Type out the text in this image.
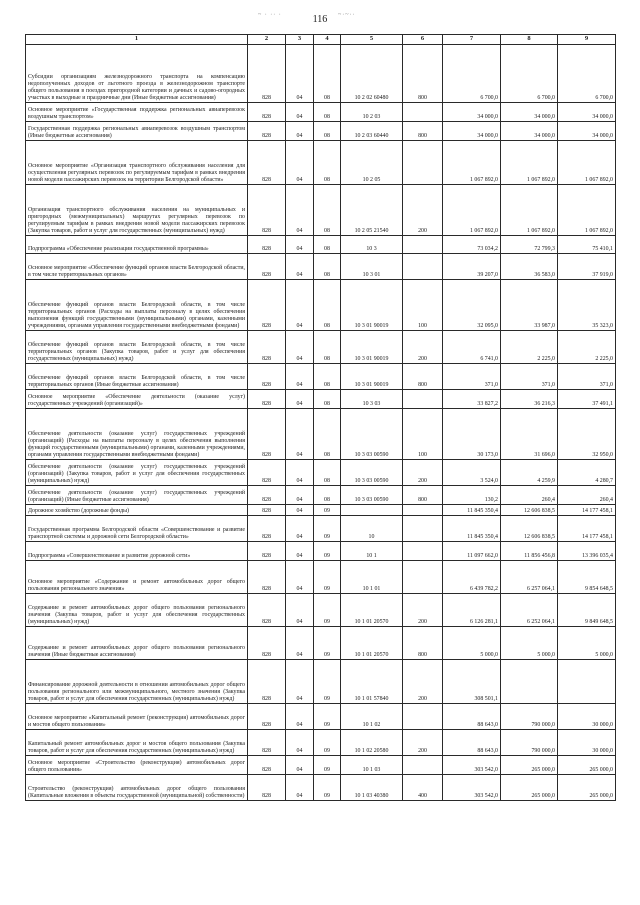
116
~ · ·· ·	~·~··
1	2	3	4	5	6	7	8	9
Субсидии организациям железнодорожного транспорта на компенсацию недополученных доходов от льготного проезда в железнодорожном транспорте общего пользования в поездах пригородной категории и дачных и садово-огородных участках в выходные и праздничные дни (Иные бюджетные ассигнования)	828	04	08	10 2 02 60480	800	6 700,0	6 700,0	6 700,0
Основное мероприятие «Государственная поддержка региональных авиаперевозок воздушным транспортом»	828	04	08	10 2 03		34 000,0	34 000,0	34 000,0
Государственная поддержка региональных авиаперевозок воздушным транспортом (Иные бюджетные ассигнования)	828	04	08	10 2 03 60440	800	34 000,0	34 000,0	34 000,0
Основное мероприятие «Организация транспортного обслуживания населения для осуществления регулярных перевозок по регулируемым тарифам в рамках внедрения новой модели пассажирских перевозок на территории Белгородской области»	828	04	08	10 2 05		1 067 892,0	1 067 892,0	1 067 892,0
Организация транспортного обслуживания населения на муниципальных и пригородных (межмуниципальных) маршрутах регулярных перевозок по регулируемым тарифам в рамках внедрения новой модели пассажирских перевозок (Закупка товаров, работ и услуг для государственных (муниципальных) нужд)	828	04	08	10 2 05 21540	200	1 067 892,0	1 067 892,0	1 067 892,0
Подпрограмма «Обеспечение реализации государственной программы»	828	04	08	10 3		73 034,2	72 799,3	75 410,1
Основное мероприятие «Обеспечение функций органов власти Белгородской области, в том числе территориальных органов»	828	04	08	10 3 01		39 207,0	36 583,0	37 919,0
Обеспечение функций органов власти Белгородской области, в том числе территориальных органов (Расходы на выплаты персоналу в целях обеспечения выполнения функций государственными (муниципальными) органами, казенными учреждениями, органами управления государственными внебюджетными фондами)	828	04	08	10 3 01 90019	100	32 095,0	33 987,0	35 323,0
Обеспечение функций органов власти Белгородской области, в том числе территориальных органов (Закупка товаров, работ и услуг для обеспечения государственных (муниципальных) нужд)	828	04	08	10 3 01 90019	200	6 741,0	2 225,0	2 225,0
Обеспечение функций органов власти Белгородской области, в том числе территориальных органов (Иные бюджетные ассигнования)	828	04	08	10 3 01 90019	800	371,0	371,0	371,0
Основное мероприятие «Обеспечение деятельности (оказание услуг) государственных учреждений (организаций)»	828	04	08	10 3 03		33 827,2	36 216,3	37 491,1
Обеспечение деятельности (оказание услуг) государственных учреждений (организаций) (Расходы на выплаты персоналу в целях обеспечения выполнения функций государственными (муниципальными) органами, казенными учреждениями, органами управления государственными внебюджетными фондами)	828	04	08	10 3 03 00590	100	30 173,0	31 696,0	32 950,0
Обеспечение деятельности (оказание услуг) государственных учреждений (организаций) (Закупка товаров, работ и услуг для обеспечения государственных (муниципальных) нужд)	828	04	08	10 3 03 00590	200	3 524,0	4 259,9	4 280,7
Обеспечение деятельности (оказание услуг) государственных учреждений (организаций) (Иные бюджетные ассигнования)	828	04	08	10 3 03 00590	800	130,2	260,4	260,4
Дорожное хозяйство (дорожные фонды)	828	04	09			11 845 350,4	12 606 838,5	14 177 458,1
Государственная программа Белгородской области «Совершенствование и развитие транспортной системы и дорожной сети Белгородской области»	828	04	09	10		11 845 350,4	12 606 838,5	14 177 458,1
Подпрограмма «Совершенствование и развитие дорожной сети»	828	04	09	10 1		11 097 662,0	11 856 456,8	13 396 035,4
Основное мероприятие «Содержание и ремонт автомобильных дорог общего пользования регионального значения»	828	04	09	10 1 01		6 439 782,2	6 257 064,1	9 854 648,5
Содержание и ремонт автомобильных дорог общего пользования регионального значения (Закупка товаров, работ и услуг для обеспечения государственных (муниципальных) нужд)	828	04	09	10 1 01 20570	200	6 126 281,1	6 252 064,1	9 849 648,5
Содержание и ремонт автомобильных дорог общего пользования регионального значения (Иные бюджетные ассигнования)	828	04	09	10 1 01 20570	800	5 000,0	5 000,0	5 000,0
Финансирование дорожной деятельности в отношении автомобильных дорог общего пользования регионального или межмуниципального, местного значения (Закупка товаров, работ и услуг для обеспечения государственных (муниципальных) нужд)	828	04	09	10 1 01 57840	200	308 501,1		
Основное мероприятие «Капитальный ремонт (реконструкция) автомобильных дорог и мостов общего пользования»	828	04	09	10 1 02		88 643,0	790 000,0	30 000,0
Капитальный ремонт автомобильных дорог и мостов общего пользования (Закупка товаров, работ и услуг для обеспечения государственных (муниципальных) нужд)	828	04	09	10 1 02 20580	200	88 643,0	790 000,0	30 000,0
Основное мероприятие «Строительство (реконструкция) автомобильных дорог общего пользования»	828	04	09	10 1 03		303 542,0	265 000,0	265 000,0
Строительство (реконструкция) автомобильных дорог общего пользования (Капитальные вложения в объекты государственной (муниципальной) собственности)	828	04	09	10 1 03 40380	400	303 542,0	265 000,0	265 000,0
